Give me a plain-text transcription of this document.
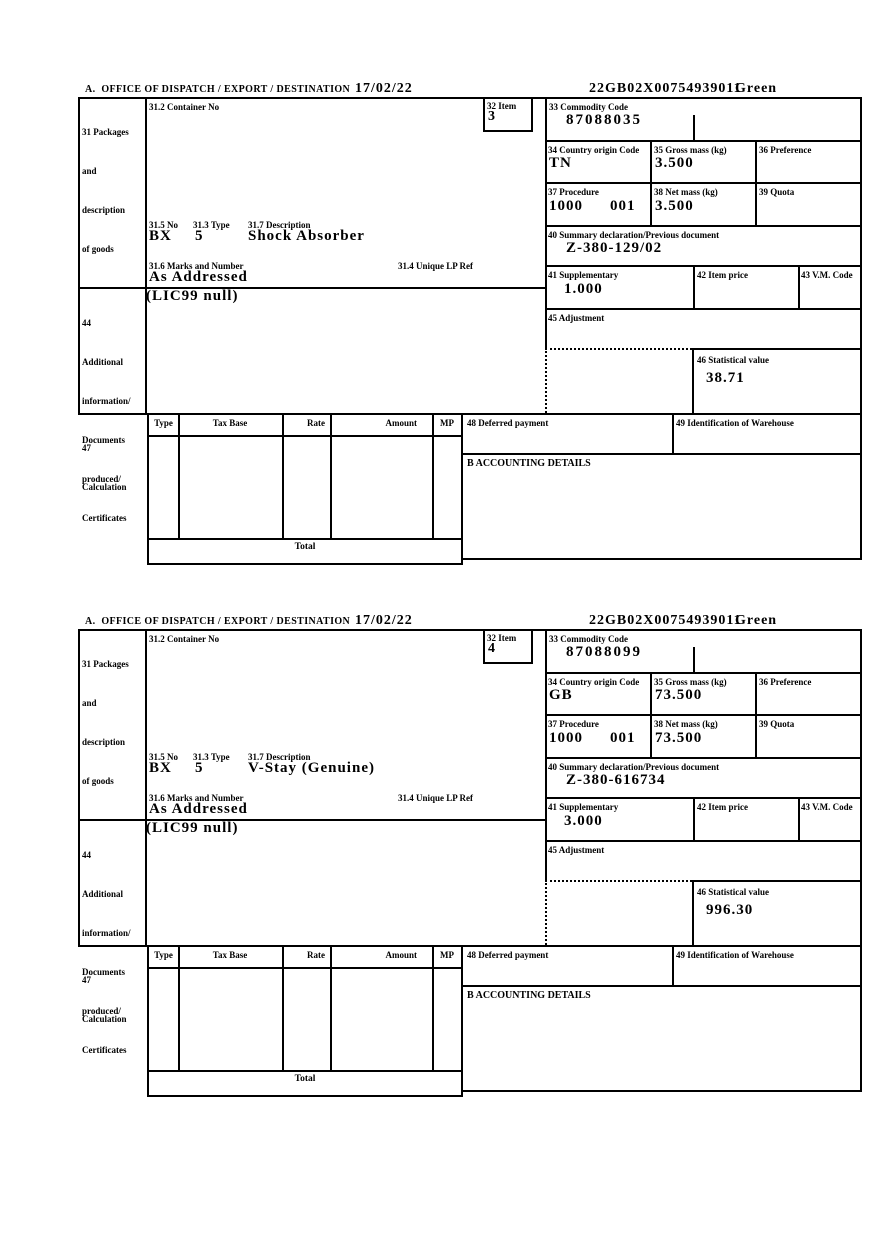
A.  OFFICE OF DISPATCH / EXPORT / DESTINATION 17/02/22	22GB02X00754939011
Green

31 Packages

and

description

of goods

44

Additional

information/

Documents

produced/

Certificates

47

Calculation

31.2 Container No	32 Item
3
31.5 No 31.3 Type 31.7 Description
BX 5	Shock Absorber
31.6 Marks and Number	31.4 Unique LP Ref
As Addressed
(LIC99 null)
33 Commodity Code
87088035
34 Country origin Code
TN
35 Gross mass (kg)
3.500
36 Preference
37 Procedure
1000 001
38 Net mass (kg)
3.500
39 Quota
40 Summary declaration/Previous document
Z-380-129/02
41 Supplementary
1.000
42 Item price	43 V.M. Code
45 Adjustment
46 Statistical value
38.71
Type	Tax Base	Rate	Amount	MP
Total
48 Deferred payment	49 Identification of Warehouse
B ACCOUNTING DETAILS
A.  OFFICE OF DISPATCH / EXPORT / DESTINATION 17/02/22	22GB02X00754939011
Green

31 Packages

and

description

of goods

44

Additional

information/

Documents

produced/

Certificates

47

Calculation

31.2 Container No	32 Item
4
31.5 No 31.3 Type 31.7 Description
BX 5	V-Stay (Genuine)
31.6 Marks and Number	31.4 Unique LP Ref
As Addressed
(LIC99 null)
33 Commodity Code
87088099
34 Country origin Code
GB
35 Gross mass (kg)
73.500
36 Preference
37 Procedure
1000 001
38 Net mass (kg)
73.500
39 Quota
40 Summary declaration/Previous document
Z-380-616734
41 Supplementary
3.000
42 Item price	43 V.M. Code
45 Adjustment
46 Statistical value
996.30
Type	Tax Base	Rate	Amount	MP
Total
48 Deferred payment	49 Identification of Warehouse
B ACCOUNTING DETAILS
